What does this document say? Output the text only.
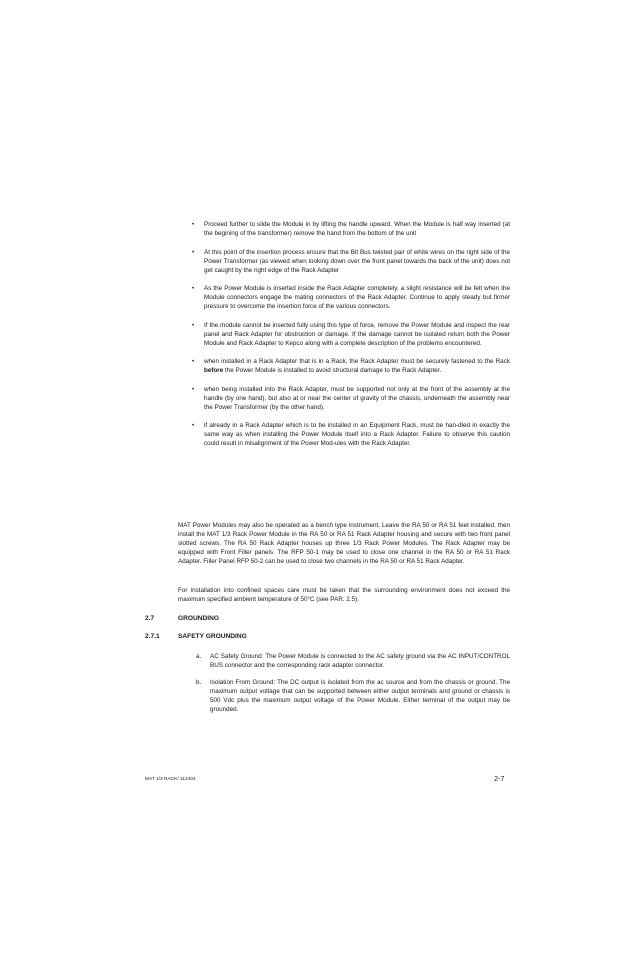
• Proceed further to slide the Module in by lifting the handle upward. When the Module is half way inserted (at the begining of the transformer) remove the hand from the bottom of the unit
• At this point of the insertion process ensure that the Bit Bus twisted pair of white wires on the right side of the Power Transformer (as viewed when looking down over the front panel towards the back of the unit) does not get caught by the right edge of the Rack Adapter
• As the Power Module is inserted inside the Rack Adapter completely, a slight resistance will be felt when the Module connectors engage the mating connectors of the Rack Adapter. Continue to apply steady but firmer pressure to overcome the insertion force of the various connectors.
• If the module cannot be inserted fully using this type of force, remove the Power Module and inspect the rear panel and Rack Adapter for obstruction or damage. If the damage cannot be isolated return both the Power Module and Rack Adapter to Kepco along with a complete description of the problems encountered.
• when installed in a Rack Adapter that is in a Rack, the Rack Adapter must be securely fastened to the Rack before the Power Module is installed to avoid structural damage to the Rack Adapter.
• when being installed into the Rack Adapter, must be supported not only at the front of the assembly at the handle (by one hand), but also at or near the center of gravity of the chassis, underneath the assembly near the Power Transformer (by the other hand).
• if already in a Rack Adapter which is to be installed in an Equipment Rack, must be han-dled in exactly the same way as when installing the Power Module itself into a Rack Adapter. Failure to observe this caution could result in misalignment of the Power Mod-ules with the Rack Adapter.

MAT Power Modules may also be operated as a bench type instrument. Leave the RA 50 or RA 51 feet installed, then install the MAT 1/3 Rack Power Module in the RA 50 or RA 51 Rack Adapter housing and secure with two front panel slotted screws. The RA 50 Rack Adapter houses up three 1/3 Rack Power Modules. The Rack Adapter may be equipped with Front Filler panels. The RFP 50-1 may be used to close one channel in the RA 50 or RA 51 Rack Adapter. Filler Panel RFP 50-2 can be used to close two channels in the RA 50 or RA 51 Rack Adapter.

For installation into confined spaces care must be taken that the surrounding environment does not exceed the maximum specified ambient temperature of 50°C (see PAR. 2.5).

2.7	GROUNDING

2.7.1	SAFETY GROUNDING

a. AC Safety Ground: The Power Module is connected to the AC safety ground via the AC INPUT/CONTROL BUS connector and the corresponding rack adapter connector.
b. Isolation From Ground: The DC output is isolated from the ac source and from the chassis or ground. The maximum output voltage that can be supported between either output terminals and ground or chassis is 500 Vdc plus the maximum output voltage of the Power Module. Either terminal of the output may be grounded.
MAT 1/3 RACK/ 112404	2-7
